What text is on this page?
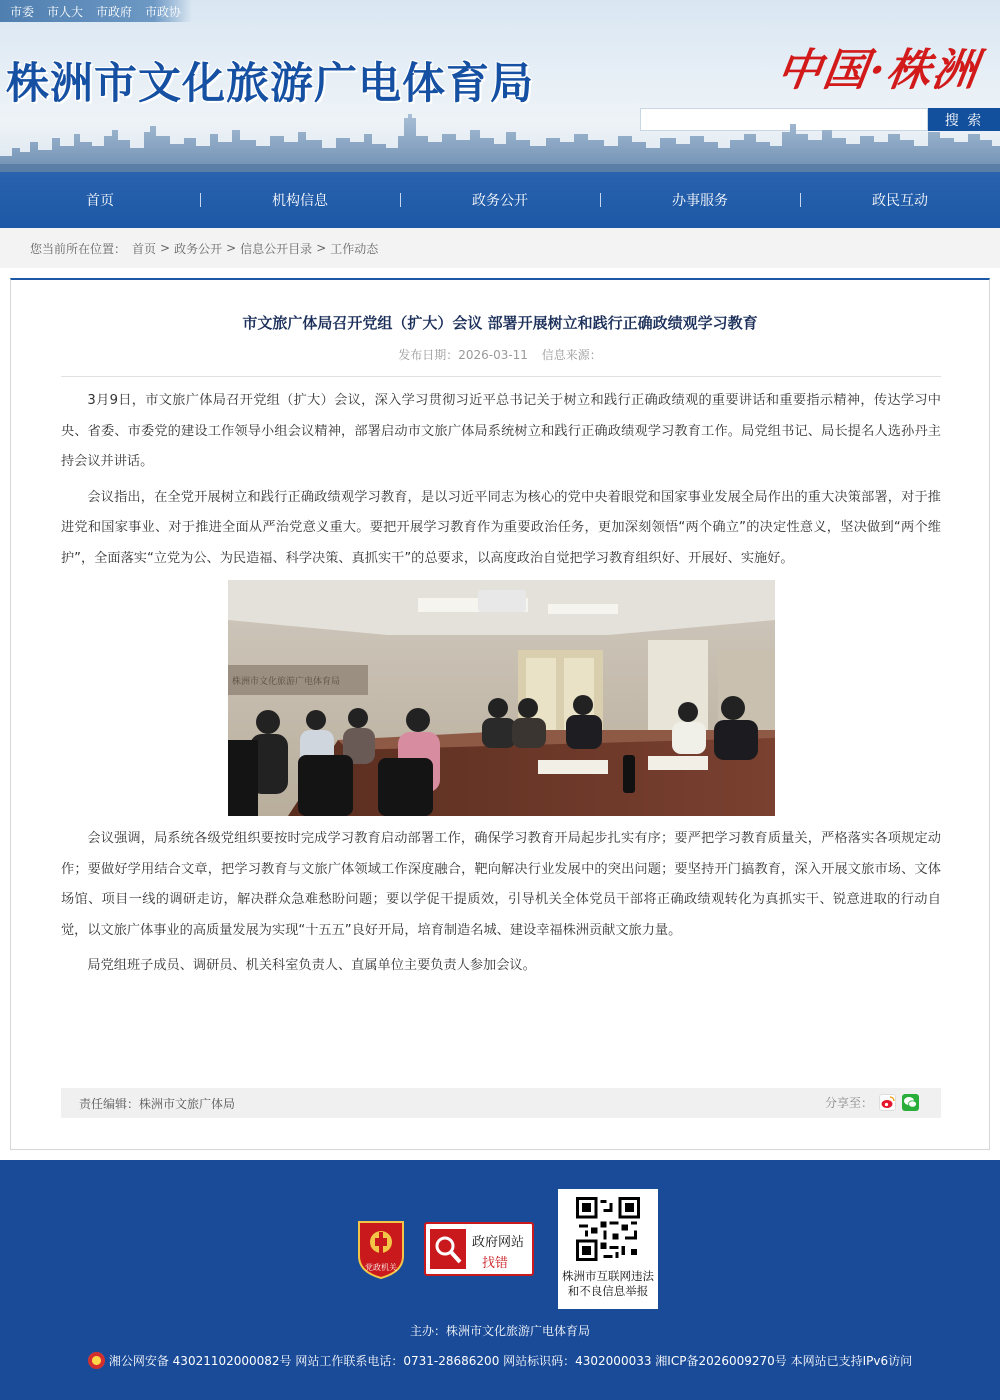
市委 市人大 市政府 市政协
株洲市文化旅游广电体育局	中国·株洲
搜 索
首页	机构信息	政务公开	办事服务	政民互动
您当前所在位置： 首页 > 政务公开 > 信息公开目录 > 工作动态
市文旅广体局召开党组（扩大）会议 部署开展树立和践行正确政绩观学习教育
发布日期：2026-03-11 信息来源：

3月9日，市文旅广体局召开党组（扩大）会议，深入学习贯彻习近平总书记关于树立和践行正确政绩观的重要讲话和重要指示精神，传达学习中央、省委、市委党的建设工作领导小组会议精神，部署启动市文旅广体局系统树立和践行正确政绩观学习教育工作。局党组书记、局长提名人选孙丹主持会议并讲话。

会议指出，在全党开展树立和践行正确政绩观学习教育，是以习近平同志为核心的党中央着眼党和国家事业发展全局作出的重大决策部署，对于推进党和国家事业、对于推进全面从严治党意义重大。要把开展学习教育作为重要政治任务，更加深刻领悟“两个确立”的决定性意义，坚决做到“两个维护”，全面落实“立党为公、为民造福、科学决策、真抓实干”的总要求，以高度政治自觉把学习教育组织好、开展好、实施好。

株洲市文化旅游广电体育局

会议强调，局系统各级党组织要按时完成学习教育启动部署工作，确保学习教育开局起步扎实有序；要严把学习教育质量关，严格落实各项规定动作；要做好学用结合文章，把学习教育与文旅广体领域工作深度融合，靶向解决行业发展中的突出问题；要坚持开门搞教育，深入开展文旅市场、文体场馆、项目一线的调研走访，解决群众急难愁盼问题；要以学促干提质效，引导机关全体党员干部将正确政绩观转化为真抓实干、锐意进取的行动自觉，以文旅广体事业的高质量发展为实现“十五五”良好开局，培育制造名城、建设幸福株洲贡献文旅力量。

局党组班子成员、调研员、机关科室负责人、直属单位主要负责人参加会议。

责任编辑：株洲市文旅广体局	分享至：
党政机关
政府网站
找错
株洲市互联网违法和不良信息举报
主办：株洲市文化旅游广电体育局
湘公网安备 43021102000082号 网站工作联系电话：0731-28686200 网站标识码：4302000033 湘ICP备2026009270号 本网站已支持IPv6访问
